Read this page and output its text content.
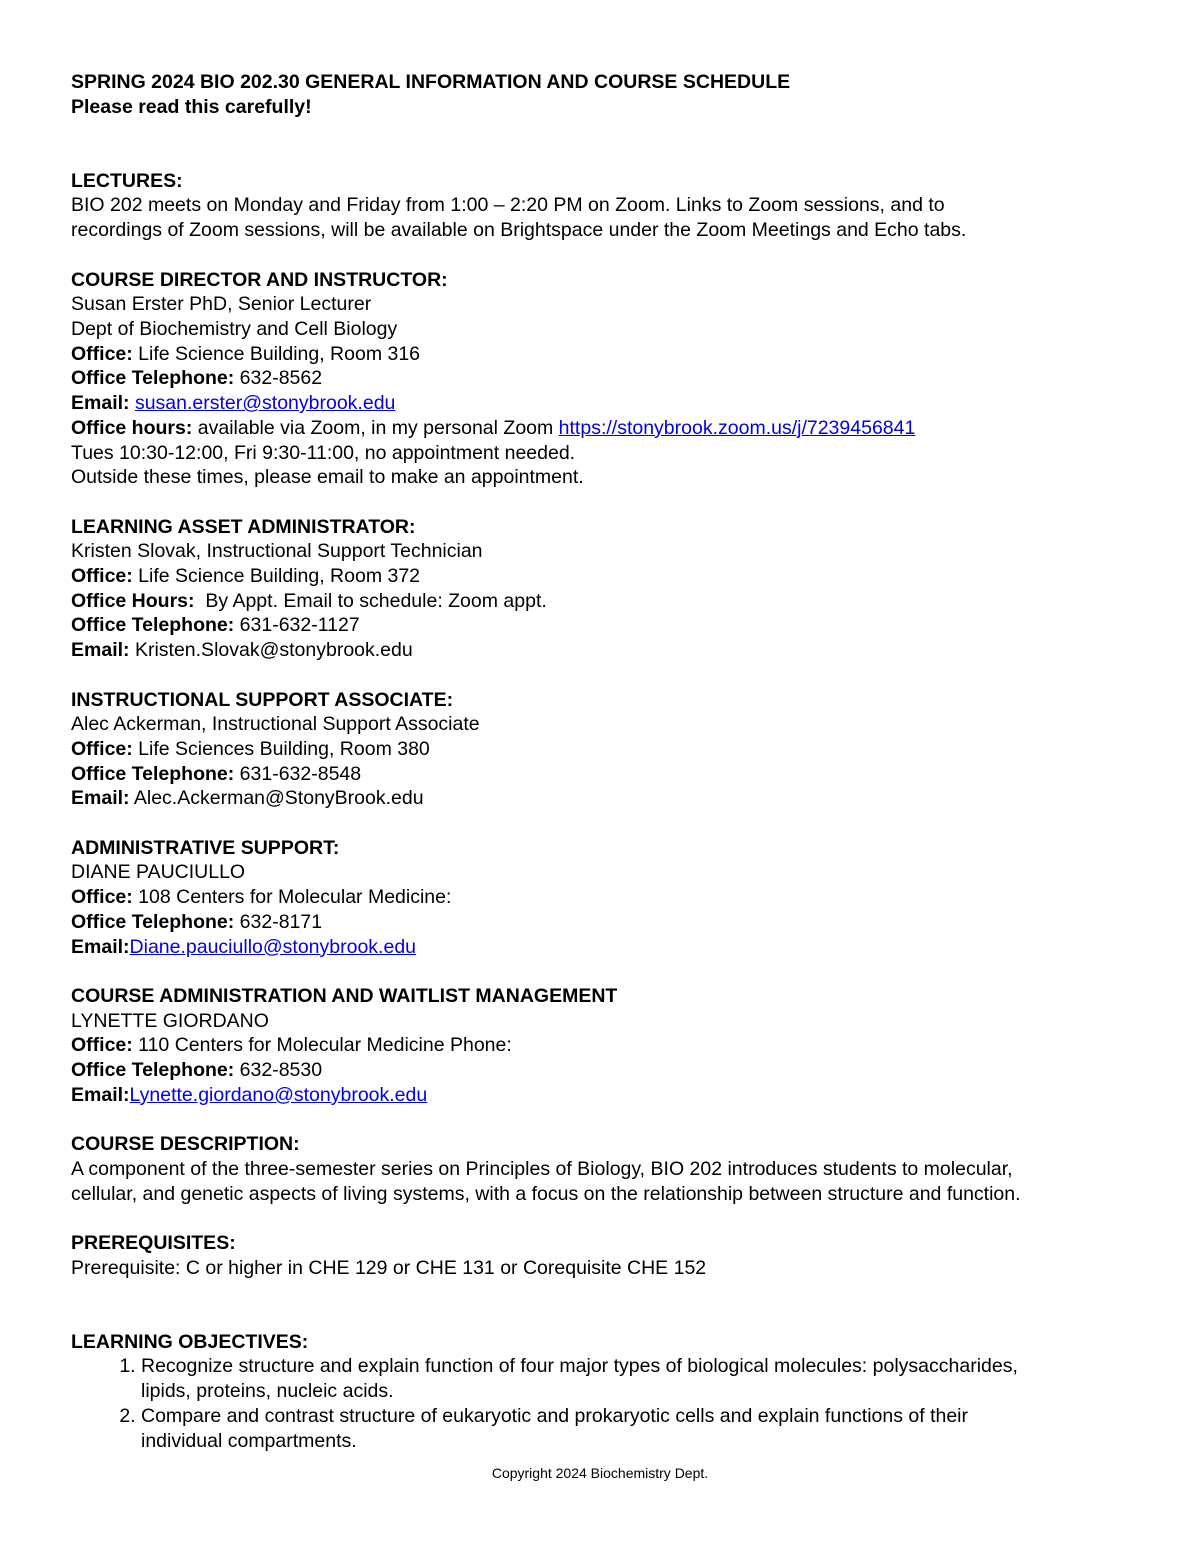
SPRING 2024 BIO 202.30 GENERAL INFORMATION AND COURSE SCHEDULE
Please read this carefully!
LECTURES:
BIO 202 meets on Monday and Friday from 1:00 – 2:20 PM on Zoom. Links to Zoom sessions, and to
recordings of Zoom sessions, will be available on Brightspace under the Zoom Meetings and Echo tabs.
COURSE DIRECTOR AND INSTRUCTOR:
Susan Erster PhD, Senior Lecturer
Dept of Biochemistry and Cell Biology
Office: Life Science Building, Room 316
Office Telephone: 632-8562
Email: susan.erster@stonybrook.edu
Office hours: available via Zoom, in my personal Zoom https://stonybrook.zoom.us/j/7239456841
Tues 10:30-12:00, Fri 9:30-11:00, no appointment needed.
Outside these times, please email to make an appointment.
LEARNING ASSET ADMINISTRATOR:
Kristen Slovak, Instructional Support Technician
Office: Life Science Building, Room 372
Office Hours:  By Appt. Email to schedule: Zoom appt.
Office Telephone: 631-632-1127
Email: Kristen.Slovak@stonybrook.edu
INSTRUCTIONAL SUPPORT ASSOCIATE:
Alec Ackerman, Instructional Support Associate
Office: Life Sciences Building, Room 380
Office Telephone: 631-632-8548
Email: Alec.Ackerman@StonyBrook.edu
ADMINISTRATIVE SUPPORT:
DIANE PAUCIULLO
Office: 108 Centers for Molecular Medicine:
Office Telephone: 632-8171
Email:Diane.pauciullo@stonybrook.edu
COURSE ADMINISTRATION AND WAITLIST MANAGEMENT
LYNETTE GIORDANO
Office: 110 Centers for Molecular Medicine Phone:
Office Telephone: 632-8530
Email:Lynette.giordano@stonybrook.edu
COURSE DESCRIPTION:
A component of the three-semester series on Principles of Biology, BIO 202 introduces students to molecular,
cellular, and genetic aspects of living systems, with a focus on the relationship between structure and function.
PREREQUISITES:
Prerequisite: C or higher in CHE 129 or CHE 131 or Corequisite CHE 152
LEARNING OBJECTIVES:
1. Recognize structure and explain function of four major types of biological molecules: polysaccharides,
lipids, proteins, nucleic acids.
2. Compare and contrast structure of eukaryotic and prokaryotic cells and explain functions of their
individual compartments.
Copyright 2024 Biochemistry Dept.
